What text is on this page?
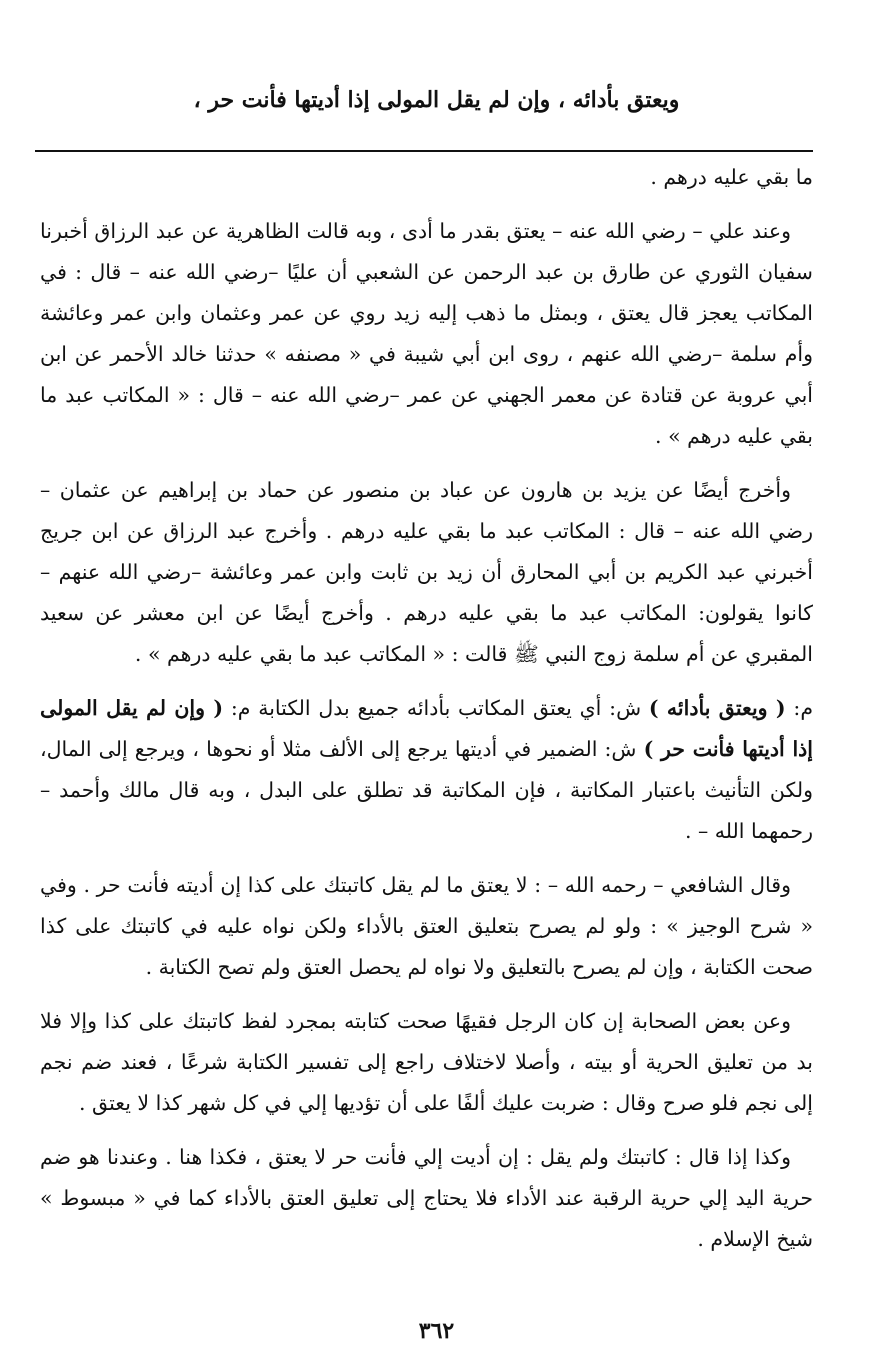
ويعتق بأدائه ، وإن لم يقل المولى إذا أديتها فأنت حر ،

ما بقي عليه درهم .

وعند علي – رضي الله عنه – يعتق بقدر ما أدى ، وبه قالت الظاهرية عن عبد الرزاق أخبرنا سفيان الثوري عن طارق بن عبد الرحمن عن الشعبي أن عليًا –رضي الله عنه – قال : في المكاتب يعجز قال يعتق ، وبمثل ما ذهب إليه زيد روي عن عمر وعثمان وابن عمر وعائشة وأم سلمة –رضي الله عنهم ، روى ابن أبي شيبة في « مصنفه » حدثنا خالد الأحمر عن ابن أبي عروبة عن قتادة عن معمر الجهني عن عمر –رضي الله عنه – قال : « المكاتب عبد ما بقي عليه درهم » .

وأخرج أيضًا عن يزيد بن هارون عن عباد بن منصور عن حماد بن إبراهيم عن عثمان – رضي الله عنه – قال : المكاتب عبد ما بقي عليه درهم . وأخرج عبد الرزاق عن ابن جريج أخبرني عبد الكريم بن أبي المحارق أن زيد بن ثابت وابن عمر وعائشة –رضي الله عنهم – كانوا يقولون: المكاتب عبد ما بقي عليه درهم . وأخرج أيضًا عن ابن معشر عن سعيد المقبري عن أم سلمة زوج النبي ﷺ قالت : « المكاتب عبد ما بقي عليه درهم » .

م: ( ويعتق بأدائه ) ش: أي يعتق المكاتب بأدائه جميع بدل الكتابة م: ( وإن لم يقل المولى إذا أديتها فأنت حر ) ش: الضمير في أديتها يرجع إلى الألف مثلا أو نحوها ، ويرجع إلى المال، ولكن التأنيث باعتبار المكاتبة ، فإن المكاتبة قد تطلق على البدل ، وبه قال مالك وأحمد – رحمهما الله – .

وقال الشافعي – رحمه الله – : لا يعتق ما لم يقل كاتبتك على كذا إن أديته فأنت حر . وفي « شرح الوجيز » : ولو لم يصرح بتعليق العتق بالأداء ولكن نواه عليه في كاتبتك على كذا صحت الكتابة ، وإن لم يصرح بالتعليق ولا نواه لم يحصل العتق ولم تصح الكتابة .

وعن بعض الصحابة إن كان الرجل فقيهًا صحت كتابته بمجرد لفظ كاتبتك على كذا وإلا فلا بد من تعليق الحرية أو بيته ، وأصلا لاختلاف راجع إلى تفسير الكتابة شرعًا ، فعند ضم نجم إلى نجم فلو صرح وقال : ضربت عليك ألفًا على أن تؤديها إلي في كل شهر كذا لا يعتق .

وكذا إذا قال : كاتبتك ولم يقل : إن أديت إلي فأنت حر لا يعتق ، فكذا هنا . وعندنا هو ضم حرية اليد إلي حرية الرقبة عند الأداء فلا يحتاج إلى تعليق العتق بالأداء كما في « مبسوط » شيخ الإسلام .

٣٦٢
